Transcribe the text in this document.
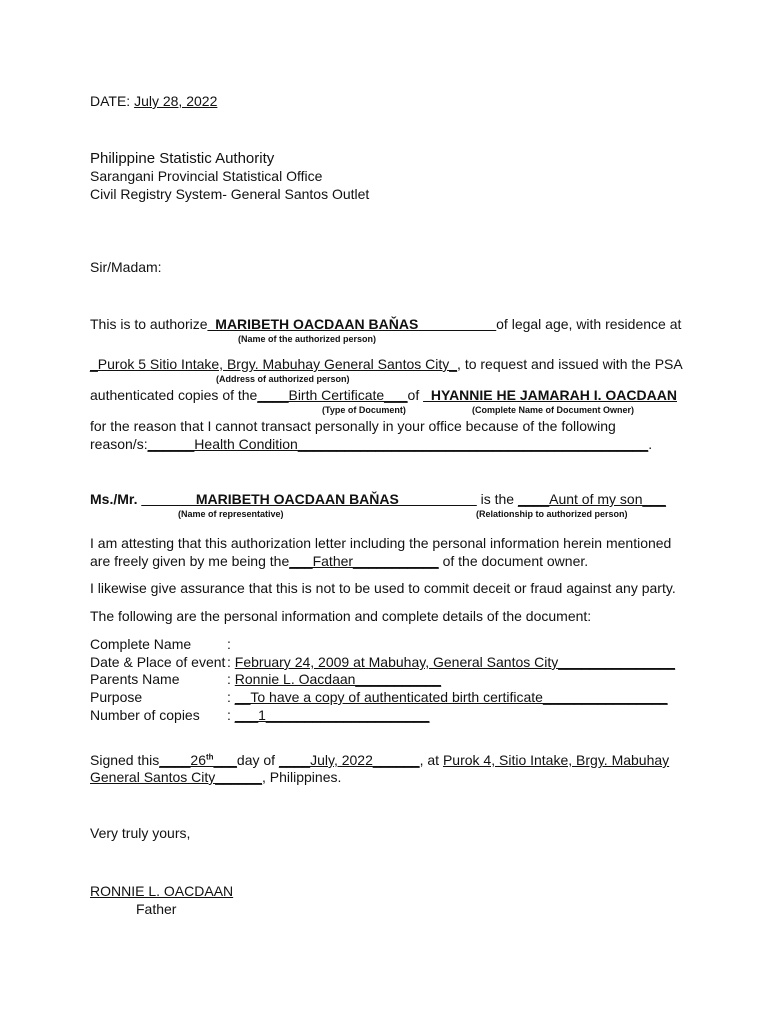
DATE: July 28, 2022
Philippine Statistic Authority
Sarangani Provincial Statistical Office
Civil Registry System- General Santos Outlet
Sir/Madam:
This is to authorize_MARIBETH OACDAAN BAŇAS__________of legal age, with residence at
(Name of the authorized person)
_Purok 5 Sitio Intake, Brgy. Mabuhay General Santos City_, to request and issued with the PSA
(Address of authorized person)
authenticated copies of the____Birth Certificate___of _HYANNIE HE JAMARAH I. OACDAAN
(Type of Document)	(Complete Name of Document Owner)
for the reason that I cannot transact personally in your office because of the following
reason/s:______Health Condition_____________________________________________.
Ms./Mr. _______MARIBETH OACDAAN BAŇAS__________ is the ____Aunt of my son___
(Name of representative)	(Relationship to authorized person)
I am attesting that this authorization letter including the personal information herein mentioned
are freely given by me being the___Father___________ of the document owner.
I likewise give assurance that this is not to be used to commit deceit or fraud against any party.
The following are the personal information and complete details of the document:
Complete Name	:
Date & Place of event : February 24, 2009 at Mabuhay, General Santos City_______________
Parents Name	: Ronnie L. Oacdaan___________
Purpose	: __To have a copy of authenticated birth certificate________________
Number of copies : ___1_____________________
Signed this____26th___day of ____July, 2022______, at Purok 4, Sitio Intake, Brgy. Mabuhay
General Santos City______, Philippines.
Very truly yours,
RONNIE L. OACDAAN
Father
